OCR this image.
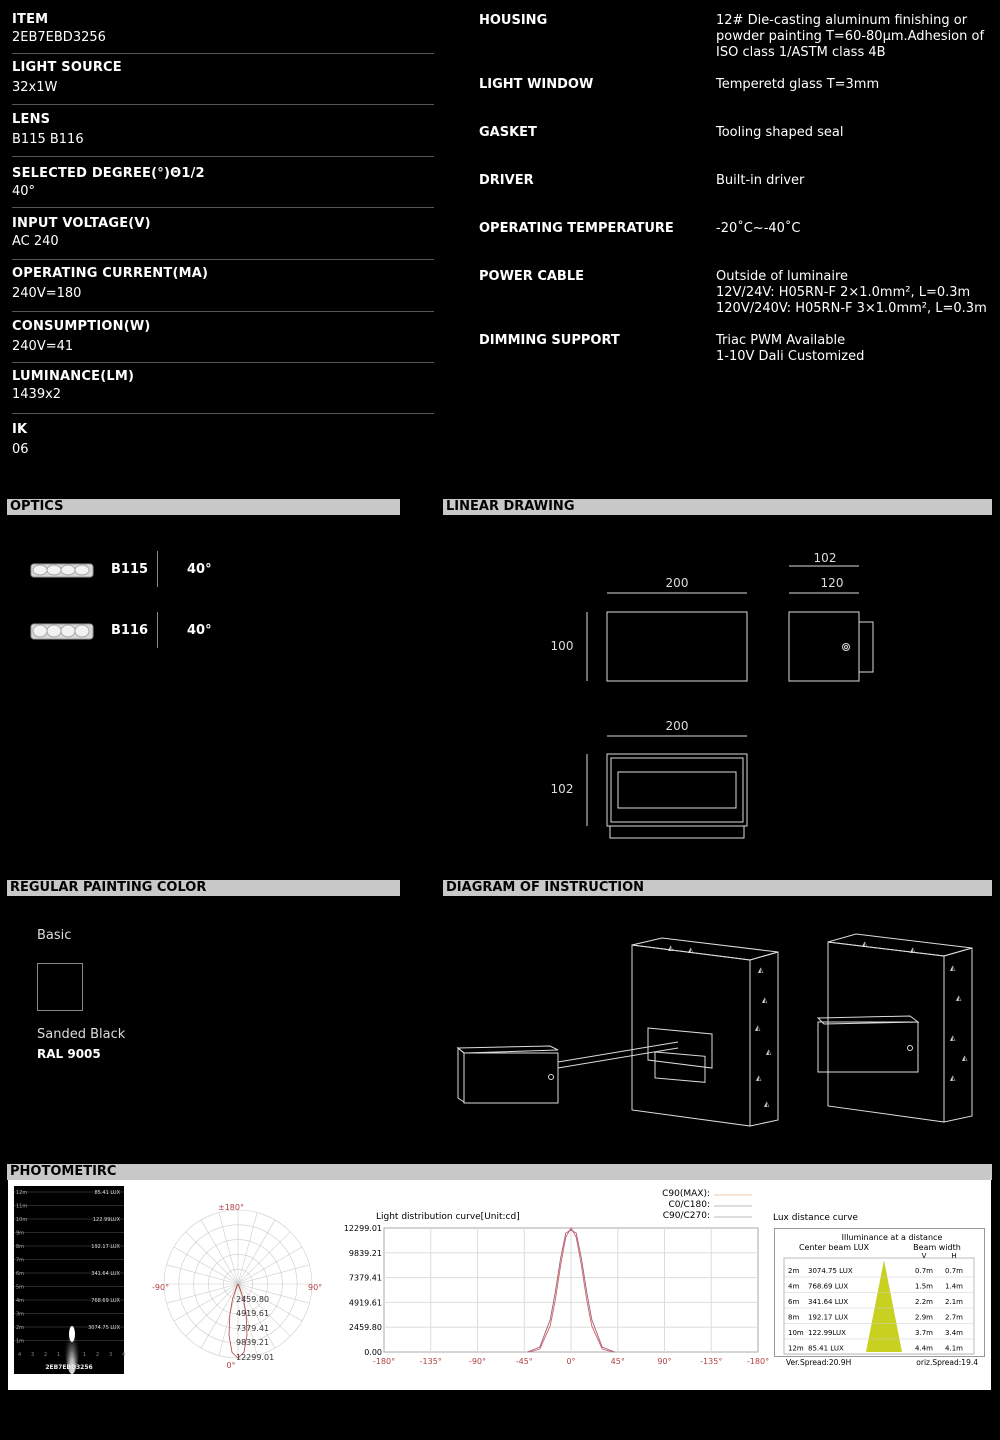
ITEM
2EB7EBD3256
LIGHT SOURCE
32x1W
LENS
B115 B116
SELECTED DEGREE(°)Θ1/2
40°
INPUT VOLTAGE(V)
AC 240
OPERATING CURRENT(MA)
240V=180
CONSUMPTION(W)
240V=41
LUMINANCE(LM)
1439x2
IK
06
HOUSING	12# Die-casting aluminum finishing or powder painting T=60-80μm.Adhesion of ISO class 1/ASTM class 4B
LIGHT WINDOW	Temperetd glass T=3mm
GASKET	Tooling shaped seal
DRIVER	Built-in driver
OPERATING TEMPERATURE	-20˚C~-40˚C
POWER CABLE	Outside of luminaire
12V/24V: H05RN-F 2×1.0mm², L=0.3m
120V/240V: H05RN-F 3×1.0mm², L=0.3m
DIMMING SUPPORT	Triac PWM Available
1-10V Dali Customized
OPTICS	LINEAR DRAWING
REGULAR PAINTING COLOR	DIAGRAM OF INSTRUCTION
PHOTOMETIRC
B115	40°
B116	40°
200
100
102
120
200
102
Basic
Sanded Black
RAL 9005
◭ ◭
◭
◭
◭
◭
◭
◭
◭
◭
◭
◭
◭
◭
◭
12m
11m
10m
9m
8m
7m
6m
5m
4m
3m
2m
1m
85.41 LUX
122.99LUX
192.17 LUX
341.64 LUX
768.69 LUX
3074.75 LUX
4 3 2 1 0 1 2 3 4
2EB7EBD3256
±180°
-90°	90°
0°
2459.80
4919.61
7379.41
9839.21
12299.01
C90(MAX):
C0/C180:
C90/C270:
Light distribution curve[Unit:cd]
12299.01
9839.21
7379.41
4919.61
2459.80
0.00
-180°	-135°	-90°	-45°	0°	45°	90°	-135°	-180°
Lux distance curve
Illuminance at a distance
Center beam LUX	Beam width
V	H
2m 3074.75 LUX	0.7m 0.7m
4m 768.69 LUX	1.5m 1.4m
6m 341.64 LUX	2.2m 2.1m
8m 192.17 LUX	2.9m 2.7m
10m 122.99LUX	3.7m 3.4m
12m 85.41 LUX	4.4m 4.1m
Ver.Spread:20.9H	oriz.Spread:19.4
